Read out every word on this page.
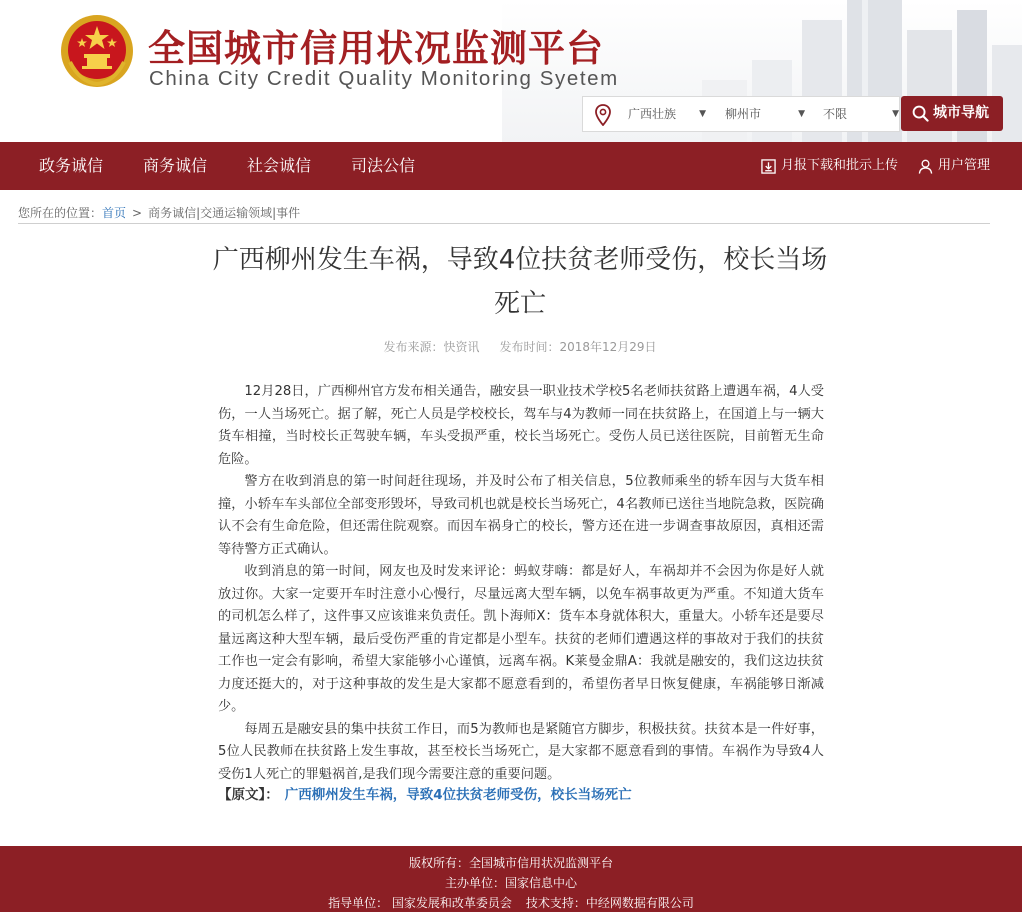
全国城市信用状况监测平台
China City Credit Quality Monitoring Syetem
广西壮族	▼ 柳州市	▼ 不限	▼	城市导航
政务诚信 商务诚信 社会诚信 司法公信	月报下载和批示上传	用户管理
您所在的位置：首页 > 商务诚信|交通运输领域|事件
广西柳州发生车祸，导致4位扶贫老师受伤，校长当场死亡
发布来源：快资讯 发布时间：2018年12月29日

12月28日，广西柳州官方发布相关通告，融安县一职业技术学校5名老师扶贫路上遭遇车祸，4人受伤，一人当场死亡。据了解，死亡人员是学校校长，驾车与4为教师一同在扶贫路上，在国道上与一辆大货车相撞，当时校长正驾驶车辆，车头受损严重，校长当场死亡。受伤人员已送往医院，目前暂无生命危险。

警方在收到消息的第一时间赶往现场，并及时公布了相关信息，5位教师乘坐的轿车因与大货车相撞，小轿车车头部位全部变形毁坏，导致司机也就是校长当场死亡，4名教师已送往当地院急救，医院确认不会有生命危险，但还需住院观察。而因车祸身亡的校长，警方还在进一步调查事故原因，真相还需等待警方正式确认。

收到消息的第一时间，网友也及时发来评论：蚂蚁芽嗨：都是好人，车祸却并不会因为你是好人就放过你。大家一定要开车时注意小心慢行，尽量远离大型车辆，以免车祸事故更为严重。不知道大货车的司机怎么样了，这件事又应该谁来负责任。凯卜海师X：货车本身就体积大，重量大。小轿车还是要尽量远离这种大型车辆，最后受伤严重的肯定都是小型车。扶贫的老师们遭遇这样的事故对于我们的扶贫工作也一定会有影响，希望大家能够小心谨慎，远离车祸。K莱曼金鼎A：我就是融安的，我们这边扶贫力度还挺大的，对于这种事故的发生是大家都不愿意看到的，希望伤者早日恢复健康，车祸能够日渐减少。

每周五是融安县的集中扶贫工作日，而5为教师也是紧随官方脚步，积极扶贫。扶贫本是一件好事，5位人民教师在扶贫路上发生事故，甚至校长当场死亡，是大家都不愿意看到的事情。车祸作为导致4人受伤1人死亡的罪魁祸首,是我们现今需要注意的重要问题。

【原文】： 广西柳州发生车祸，导致4位扶贫老师受伤，校长当场死亡
版权所有：全国城市信用状况监测平台
主办单位：国家信息中心
指导单位： 国家发展和改革委员会 技术支持：中经网数据有限公司
